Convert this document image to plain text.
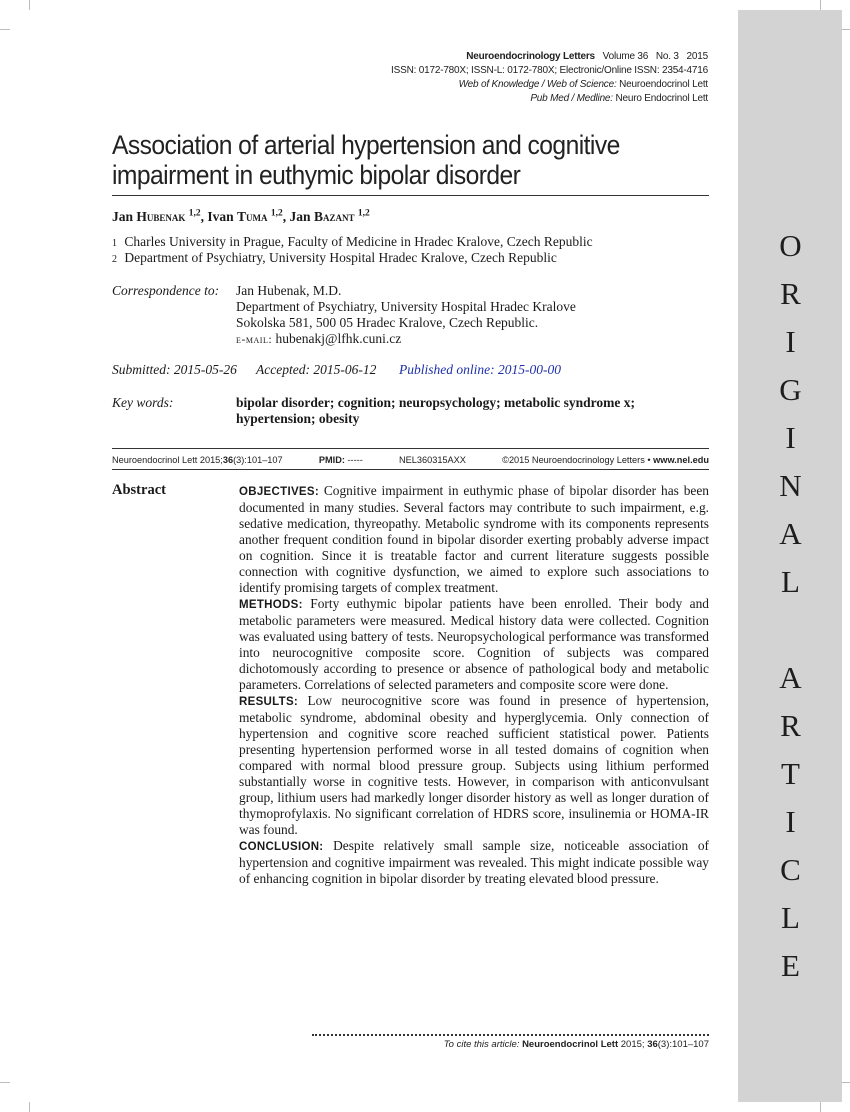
ORIGINAL ARTICLE
Neuroendocrinology Letters Volume 36 No. 3 2015
ISSN: 0172-780X; ISSN-L: 0172-780X; Electronic/Online ISSN: 2354-4716
Web of Knowledge / Web of Science: Neuroendocrinol Lett
Pub Med / Medline: Neuro Endocrinol Lett
Association of arterial hypertension and cognitive impairment in euthymic bipolar disorder
Jan Hubenak $^{1,2}$, Ivan Tuma $^{1,2}$, Jan Bazant $^{1,2}$
1 Charles University in Prague, Faculty of Medicine in Hradec Kralove, Czech Republic
2 Department of Psychiatry, University Hospital Hradec Kralove, Czech Republic
Correspondence to: Jan Hubenak, M.D.
Department of Psychiatry, University Hospital Hradec Kralove
Sokolska 581, 500 05 Hradec Kralove, Czech Republic.
e-mail: hubenakj@lfhk.cuni.cz
Submitted: 2015-05-26 Accepted: 2015-06-12 Published online: 2015-00-00
Key words:	bipolar disorder; cognition; neuropsychology; metabolic syndrome x; hypertension; obesity
Neuroendocrinol Lett 2015;36(3):101–107	PMID: -----	NEL360315AXX	©2015 Neuroendocrinology Letters • www.nel.edu
Abstract	OBJECTIVES: Cognitive impairment in euthymic phase of bipolar disorder has been documented in many studies. Several factors may contribute to such impairment, e.g. sedative medication, thyreopathy. Metabolic syndrome with its components represents another frequent condition found in bipolar disorder exerting probably adverse impact on cognition. Since it is treatable factor and current literature suggests possible connection with cognitive dysfunction, we aimed to explore such associations to identify promising targets of complex treatment.

METHODS: Forty euthymic bipolar patients have been enrolled. Their body and metabolic parameters were measured. Medical history data were collected. Cognition was evaluated using battery of tests. Neuropsychological performance was transformed into neurocognitive composite score. Cognition of subjects was compared dichotomously according to presence or absence of pathological body and metabolic parameters. Correlations of selected parameters and composite score were done.

RESULTS: Low neurocognitive score was found in presence of hypertension, metabolic syndrome, abdominal obesity and hyperglycemia. Only connection of hypertension and cognitive score reached sufficient statistical power. Patients presenting hypertension performed worse in all tested domains of cognition when compared with normal blood pressure group. Subjects using lithium performed substantially worse in cognitive tests. However, in comparison with anticonvulsant group, lithium users had markedly longer disorder history as well as longer duration of thymoprofylaxis. No significant correlation of HDRS score, insulinemia or HOMA-IR was found.

CONCLUSION: Despite relatively small sample size, noticeable association of hypertension and cognitive impairment was revealed. This might indicate possible way of enhancing cognition in bipolar disorder by treating elevated blood pressure.

To cite this article: Neuroendocrinol Lett 2015; 36(3):101–107
